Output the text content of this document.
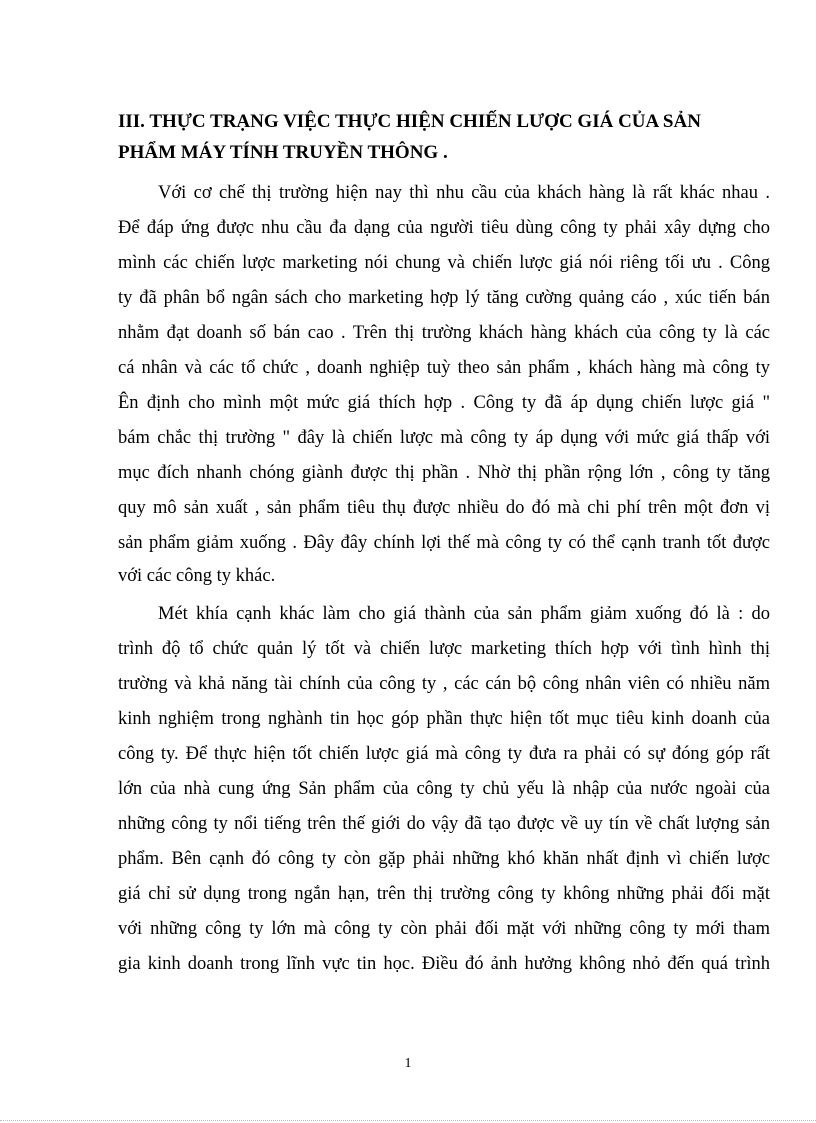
III. THỰC TRẠNG VIỆC THỰC HIỆN CHIẾN LƯỢC GIÁ CỦA SẢN
PHẨM MÁY TÍNH TRUYỀN THÔNG .
Với cơ chế thị trường hiện nay thì nhu cầu của khách hàng là rất khác nhau .
Để đáp ứng được nhu cầu đa dạng của người tiêu dùng công ty phải xây dựng cho
mình các chiến lược marketing nói chung và chiến lược giá nói riêng tối ưu . Công
ty đã phân bổ ngân sách cho marketing hợp lý tăng cường quảng cáo , xúc tiến bán
nhằm đạt doanh số bán cao . Trên thị trường khách hàng khách của công ty là các
cá nhân và các tổ chức , doanh nghiệp tuỳ theo sản phẩm , khách hàng mà công ty
Ên định cho mình một mức giá thích hợp . Công ty đã áp dụng chiến lược giá "
bám chắc thị trường " đây là chiến lược mà công ty áp dụng với mức giá thấp với
mục đích nhanh chóng giành được thị phần . Nhờ thị phần rộng lớn , công ty tăng
quy mô sản xuất , sản phẩm tiêu thụ được nhiều do đó mà chi phí trên một đơn vị
sản phẩm giảm xuống . Đây đây chính lợi thế mà công ty có thể cạnh tranh tốt được
với các công ty khác.
Mét khía cạnh khác làm cho giá thành của sản phẩm giảm xuống đó là : do
trình độ tổ chức quản lý tốt và chiến lược marketing thích hợp với tình hình thị
trường và khả năng tài chính của công ty , các cán bộ công nhân viên có nhiều năm
kinh nghiệm trong nghành tin học góp phần thực hiện tốt mục tiêu kinh doanh của
công ty. Để thực hiện tốt chiến lược giá mà công ty đưa ra phải có sự đóng góp rất
lớn của nhà cung ứng Sản phẩm của công ty chủ yếu là nhập của nước ngoài của
những công ty nổi tiếng trên thế giới do vậy đã tạo được về uy tín về chất lượng sản
phẩm. Bên cạnh đó công ty còn gặp phải những khó khăn nhất định vì chiến lược
giá chỉ sử dụng trong ngắn hạn, trên thị trường công ty không những phải đối mặt
với những công ty lớn mà công ty còn phải đối mặt với những công ty mới tham
gia kinh doanh trong lĩnh vực tin học. Điều đó ảnh hưởng không nhỏ đến quá trình
1
